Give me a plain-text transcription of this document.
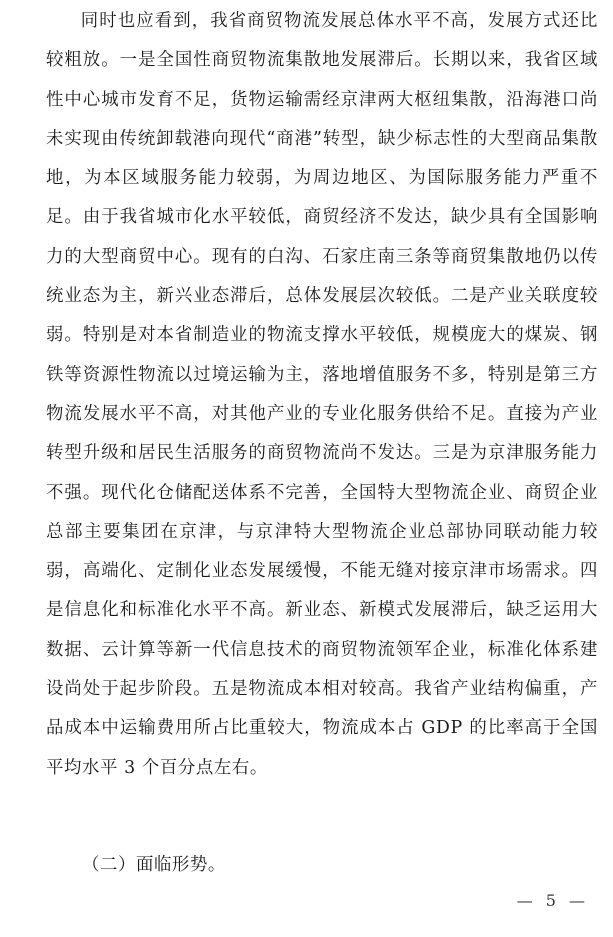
同时也应看到，我省商贸物流发展总体水平不高，发展方式还比较粗放。一是全国性商贸物流集散地发展滞后。长期以来，我省区域性中心城市发育不足，货物运输需经京津两大枢纽集散，沿海港口尚未实现由传统卸载港向现代“商港”转型，缺少标志性的大型商品集散地，为本区域服务能力较弱，为周边地区、为国际服务能力严重不足。由于我省城市化水平较低，商贸经济不发达，缺少具有全国影响力的大型商贸中心。现有的白沟、石家庄南三条等商贸集散地仍以传统业态为主，新兴业态滞后，总体发展层次较低。二是产业关联度较弱。特别是对本省制造业的物流支撑水平较低，规模庞大的煤炭、钢铁等资源性物流以过境运输为主，落地增值服务不多，特别是第三方物流发展水平不高，对其他产业的专业化服务供给不足。直接为产业转型升级和居民生活服务的商贸物流尚不发达。三是为京津服务能力不强。现代化仓储配送体系不完善，全国特大型物流企业、商贸企业总部主要集团在京津，与京津特大型物流企业总部协同联动能力较弱，高端化、定制化业态发展缓慢，不能无缝对接京津市场需求。四是信息化和标准化水平不高。新业态、新模式发展滞后，缺乏运用大数据、云计算等新一代信息技术的商贸物流领军企业，标准化体系建设尚处于起步阶段。五是物流成本相对较高。我省产业结构偏重，产品成本中运输费用所占比重较大，物流成本占 GDP 的比率高于全国平均水平 3 个百分点左右。

（二）面临形势。

— 5 —
